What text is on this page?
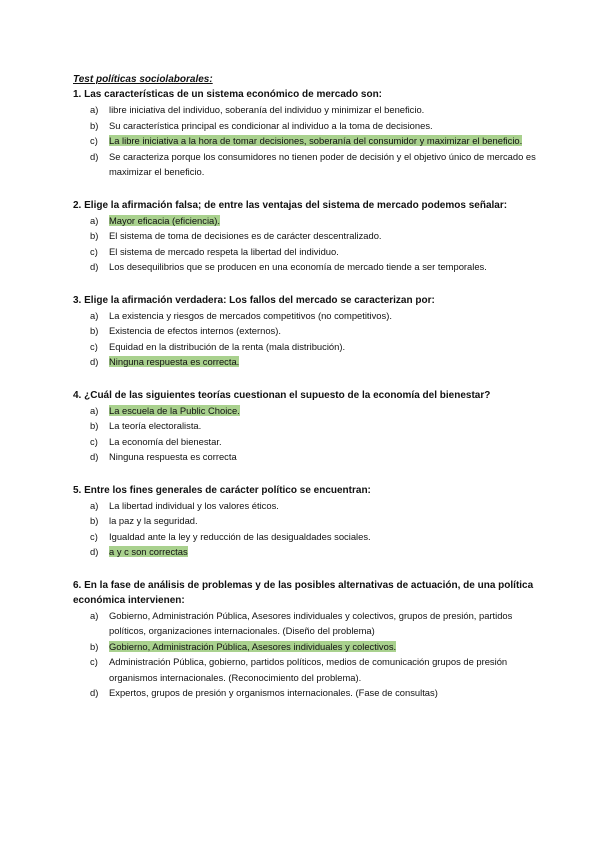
Test políticas sociolaborales:
1. Las características de un sistema económico de mercado son:
a)	libre iniciativa del individuo, soberanía del individuo y minimizar el beneficio.
b)	Su característica principal es condicionar al individuo a la toma de decisiones.
c)	La libre iniciativa a la hora de tomar decisiones, soberanía del consumidor y maximizar el beneficio.
d)	Se caracteriza porque los consumidores no tienen poder de decisión y el objetivo único de mercado es maximizar el beneficio.
2. Elige la afirmación falsa; de entre las ventajas del sistema de mercado podemos señalar:
a)	Mayor eficacia (eficiencia).
b)	El sistema de toma de decisiones es de carácter descentralizado.
c)	El sistema de mercado respeta la libertad del individuo.
d)	Los desequilibrios que se producen en una economía de mercado tiende a ser temporales.
3. Elige la afirmación verdadera: Los fallos del mercado se caracterizan por:
a)	La existencia y riesgos de mercados competitivos (no competitivos).
b)	Existencia de efectos internos (externos).
c)	Equidad en la distribución de la renta (mala distribución).
d)	Ninguna respuesta es correcta.
4. ¿Cuál de las siguientes teorías cuestionan el supuesto de la economía del bienestar?
a)	La escuela de la Public Choice.
b)	La teoría electoralista.
c)	La economía del bienestar.
d)	Ninguna respuesta es correcta
5. Entre los fines generales de carácter político se encuentran:
a)	La libertad individual y los valores éticos.
b)	la paz y la seguridad.
c)	Igualdad ante la ley y reducción de las desigualdades sociales.
d)	a y c son correctas
6. En la fase de análisis de problemas y de las posibles alternativas de actuación, de una política económica intervienen:
a)	Gobierno, Administración Pública, Asesores individuales y colectivos, grupos de presión, partidos políticos, organizaciones internacionales. (Diseño del problema)
b)	Gobierno, Administración Pública, Asesores individuales y colectivos.
c)	Administración Pública, gobierno, partidos políticos, medios de comunicación grupos de presión organismos internacionales. (Reconocimiento del problema).
d)	Expertos, grupos de presión y organismos internacionales. (Fase de consultas)
